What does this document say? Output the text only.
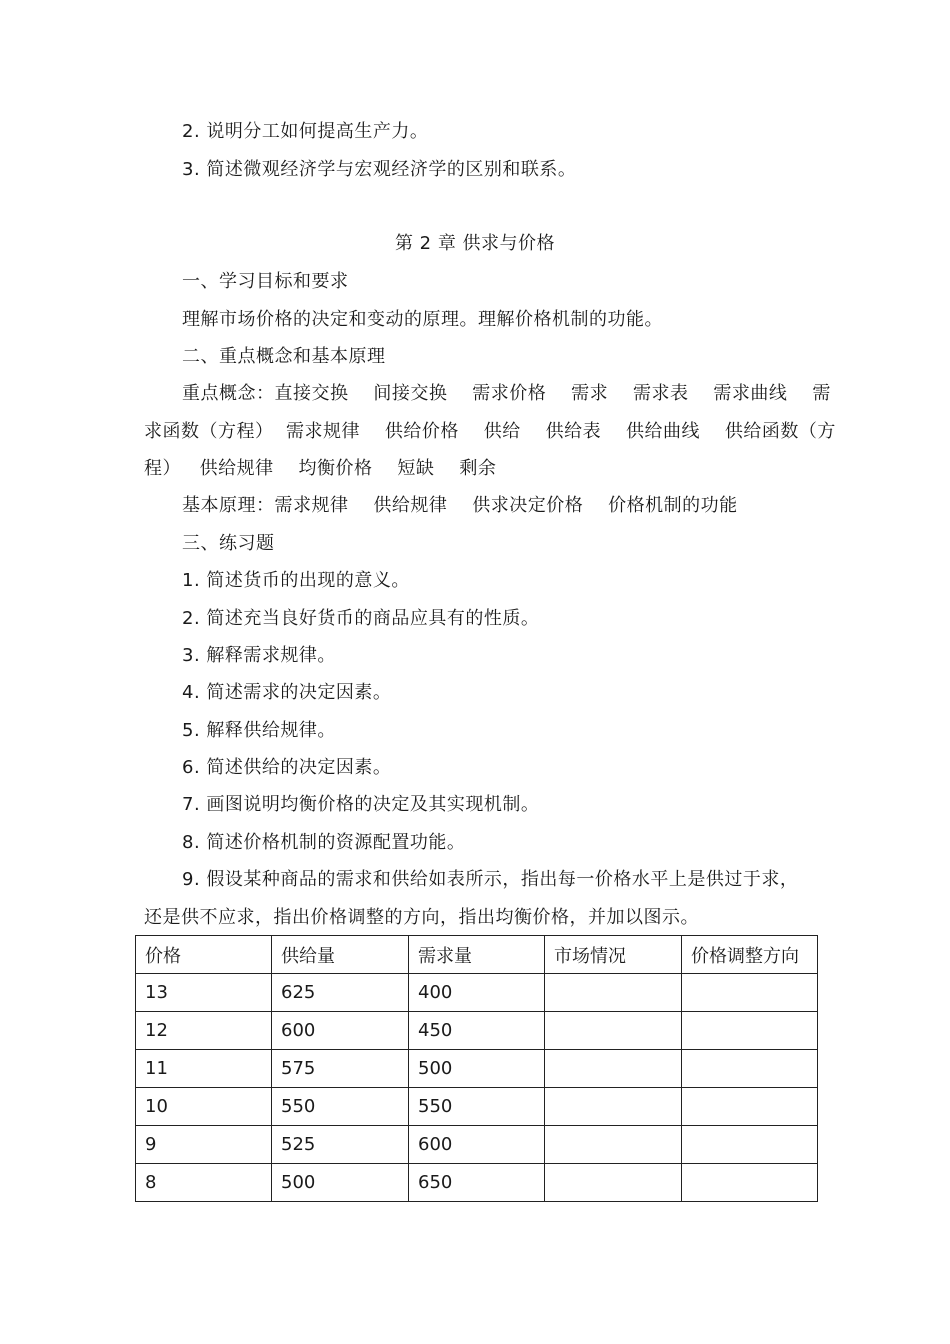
2. 说明分工如何提高生产力。
3. 简述微观经济学与宏观经济学的区别和联系。
第 2 章 供求与价格
一、学习目标和要求
理解市场价格的决定和变动的原理。理解价格机制的功能。
二、重点概念和基本原理
重点概念：直接交换    间接交换    需求价格    需求    需求表    需求曲线    需
求函数（方程）  需求规律    供给价格    供给    供给表    供给曲线    供给函数（方
程）   供给规律    均衡价格    短缺    剩余
基本原理：需求规律    供给规律    供求决定价格    价格机制的功能
三、练习题
1. 简述货币的出现的意义。
2. 简述充当良好货币的商品应具有的性质。
3. 解释需求规律。
4. 简述需求的决定因素。
5. 解释供给规律。
6. 简述供给的决定因素。
7. 画图说明均衡价格的决定及其实现机制。
8. 简述价格机制的资源配置功能。
9. 假设某种商品的需求和供给如表所示，指出每一价格水平上是供过于求，
还是供不应求，指出价格调整的方向，指出均衡价格，并加以图示。
价格	供给量	需求量	市场情况	价格调整方向
13	625	400		
12	600	450		
11	575	500		
10	550	550		
9	525	600		
8	500	650		
